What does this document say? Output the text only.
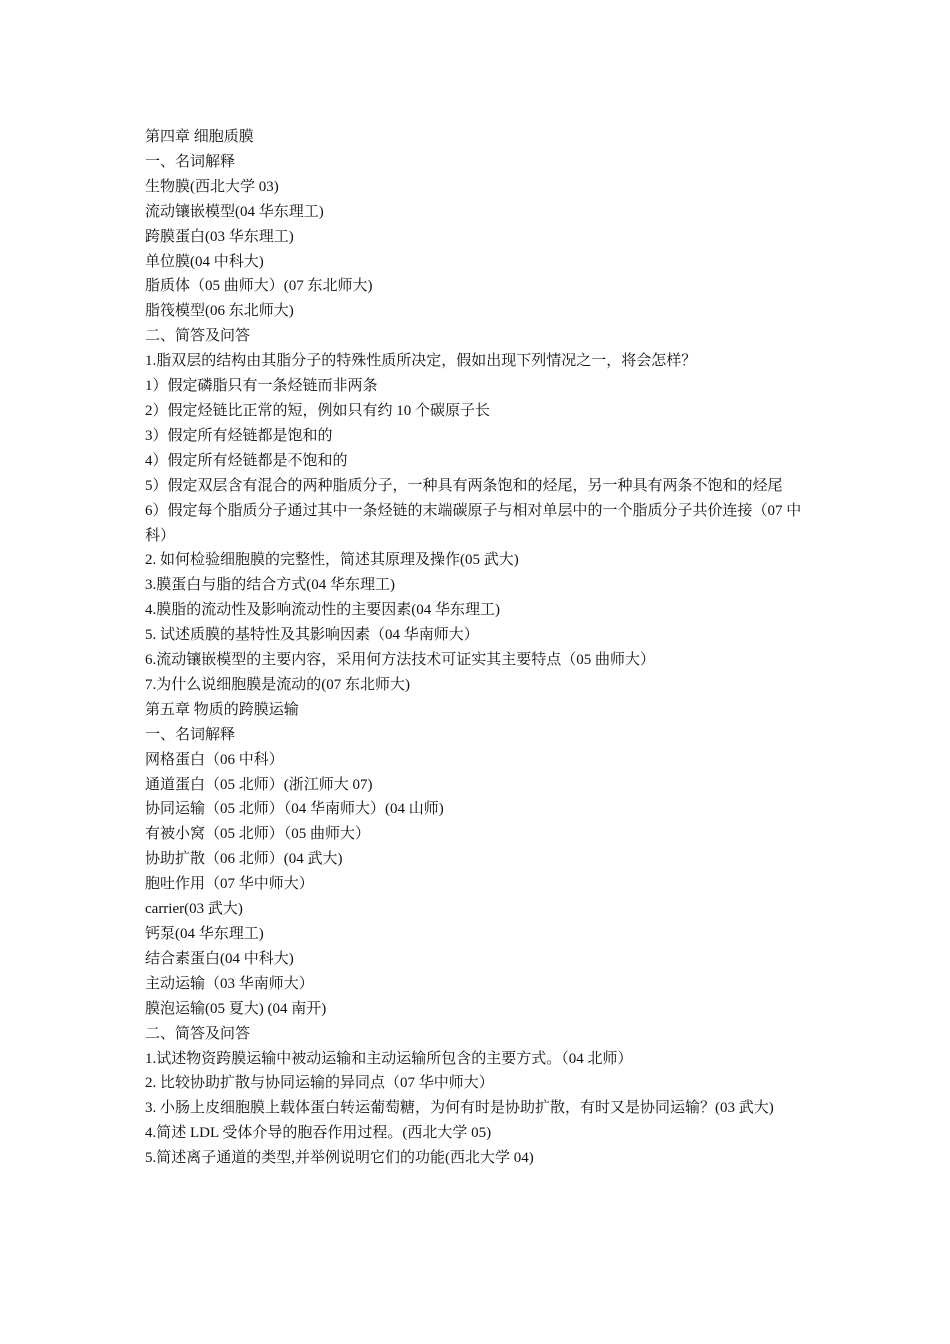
第四章 细胞质膜

一、名词解释

生物膜(西北大学 03)

流动镶嵌模型(04 华东理工)

跨膜蛋白(03 华东理工)

单位膜(04 中科大)

脂质体（05 曲师大）(07 东北师大)

脂筏模型(06 东北师大)

二、简答及问答

1.脂双层的结构由其脂分子的特殊性质所决定，假如出现下列情况之一，将会怎样？

1）假定磷脂只有一条烃链而非两条

2）假定烃链比正常的短，例如只有约 10 个碳原子长

3）假定所有烃链都是饱和的

4）假定所有烃链都是不饱和的

5）假定双层含有混合的两种脂质分子，一种具有两条饱和的烃尾，另一种具有两条不饱和的烃尾

6）假定每个脂质分子通过其中一条烃链的末端碳原子与相对单层中的一个脂质分子共价连接（07 中科）

2. 如何检验细胞膜的完整性，简述其原理及操作(05 武大)

3.膜蛋白与脂的结合方式(04 华东理工)

4.膜脂的流动性及影响流动性的主要因素(04 华东理工)

5. 试述质膜的基特性及其影响因素（04 华南师大）

6.流动镶嵌模型的主要内容，采用何方法技术可证实其主要特点（05 曲师大）

7.为什么说细胞膜是流动的(07 东北师大)

第五章 物质的跨膜运输

一、名词解释

网格蛋白（06 中科）

通道蛋白（05 北师）(浙江师大 07)

协同运输（05 北师）（04 华南师大）(04 山师)

有被小窝（05 北师）（05 曲师大）

协助扩散（06 北师）(04 武大)

胞吐作用（07 华中师大）

carrier(03 武大)

钙泵(04 华东理工)

结合素蛋白(04 中科大)

主动运输（03 华南师大）

膜泡运输(05 夏大) (04 南开)

二、简答及问答

1.试述物资跨膜运输中被动运输和主动运输所包含的主要方式。（04 北师）

2. 比较协助扩散与协同运输的异同点（07 华中师大）

3. 小肠上皮细胞膜上载体蛋白转运葡萄糖，为何有时是协助扩散，有时又是协同运输？(03 武大)

4.简述 LDL 受体介导的胞吞作用过程。(西北大学 05)

5.简述离子通道的类型,并举例说明它们的功能(西北大学 04)
